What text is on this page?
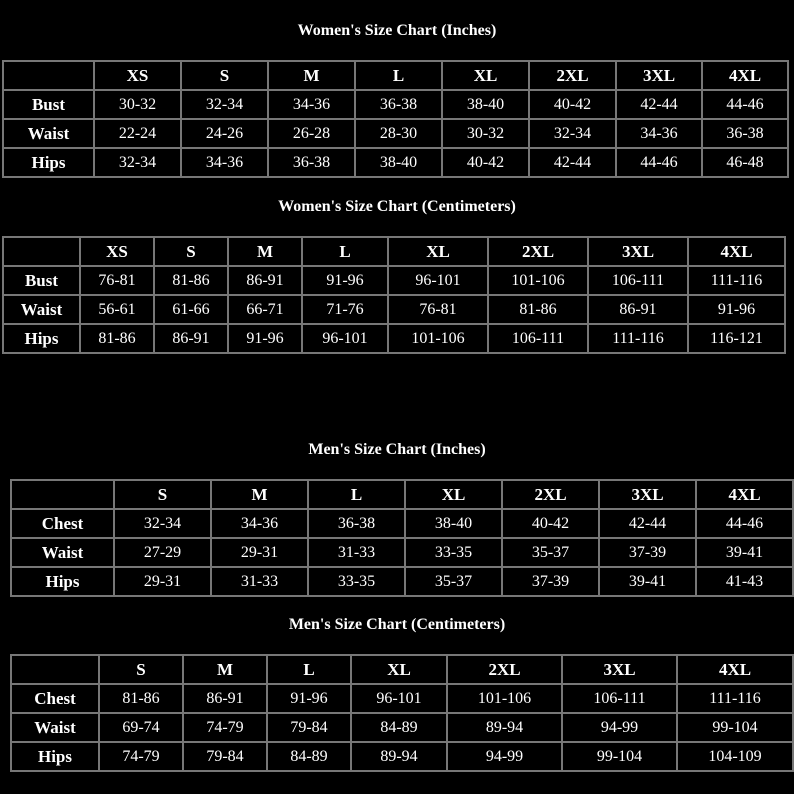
Women's Size Chart (Inches)
	XS	S	M	L	XL	2XL	3XL	4XL
Bust	30-32	32-34	34-36	36-38	38-40	40-42	42-44	44-46
Waist	22-24	24-26	26-28	28-30	30-32	32-34	34-36	36-38
Hips	32-34	34-36	36-38	38-40	40-42	42-44	44-46	46-48
Women's Size Chart (Centimeters)
	XS	S	M	L	XL	2XL	3XL	4XL
Bust	76-81	81-86	86-91	91-96	96-101	101-106	106-111	111-116
Waist	56-61	61-66	66-71	71-76	76-81	81-86	86-91	91-96
Hips	81-86	86-91	91-96	96-101	101-106	106-111	111-116	116-121
Men's Size Chart (Inches)
	S	M	L	XL	2XL	3XL	4XL
Chest	32-34	34-36	36-38	38-40	40-42	42-44	44-46
Waist	27-29	29-31	31-33	33-35	35-37	37-39	39-41
Hips	29-31	31-33	33-35	35-37	37-39	39-41	41-43
Men's Size Chart (Centimeters)
	S	M	L	XL	2XL	3XL	4XL
Chest	81-86	86-91	91-96	96-101	101-106	106-111	111-116
Waist	69-74	74-79	79-84	84-89	89-94	94-99	99-104
Hips	74-79	79-84	84-89	89-94	94-99	99-104	104-109
